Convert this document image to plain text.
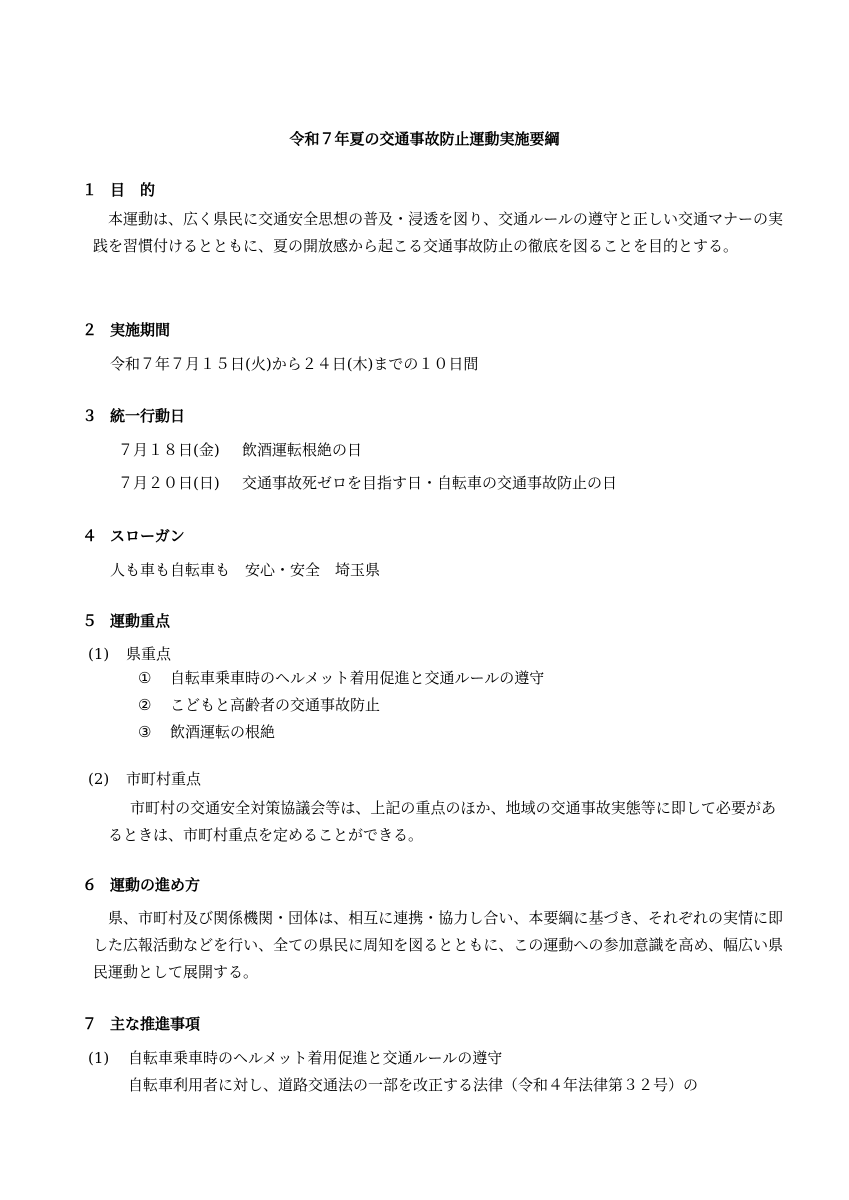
令和７年夏の交通事故防止運動実施要綱
１ 目　的
　本運動は、広く県民に交通安全思想の普及・浸透を図り、交通ルールの遵守と正しい交通マナーの実践を習慣付けるとともに、夏の開放感から起こる交通事故防止の徹底を図ることを目的とする。
２ 実施期間
令和７年７月１５日(火)から２４日(木)までの１０日間
３ 統一行動日
７月１８日(金) 飲酒運転根絶の日
７月２０日(日) 交通事故死ゼロを目指す日・自転車の交通事故防止の日
４ スローガン
人も車も自転車も　安心・安全　埼玉県
５ 運動重点
(1) 県重点
① 自転車乗車時のヘルメット着用促進と交通ルールの遵守
② こどもと高齢者の交通事故防止
③ 飲酒運転の根絶
(2) 市町村重点
市町村の交通安全対策協議会等は、上記の重点のほか、地域の交通事故実態等に即して必要があるときは、市町村重点を定めることができる。
６ 運動の進め方
　県、市町村及び関係機関・団体は、相互に連携・協力し合い、本要綱に基づき、それぞれの実情に即した広報活動などを行い、全ての県民に周知を図るとともに、この運動への参加意識を高め、幅広い県民運動として展開する。
７ 主な推進事項
(1) 自転車乗車時のヘルメット着用促進と交通ルールの遵守
自転車利用者に対し、道路交通法の一部を改正する法律（令和４年法律第３２号）の
